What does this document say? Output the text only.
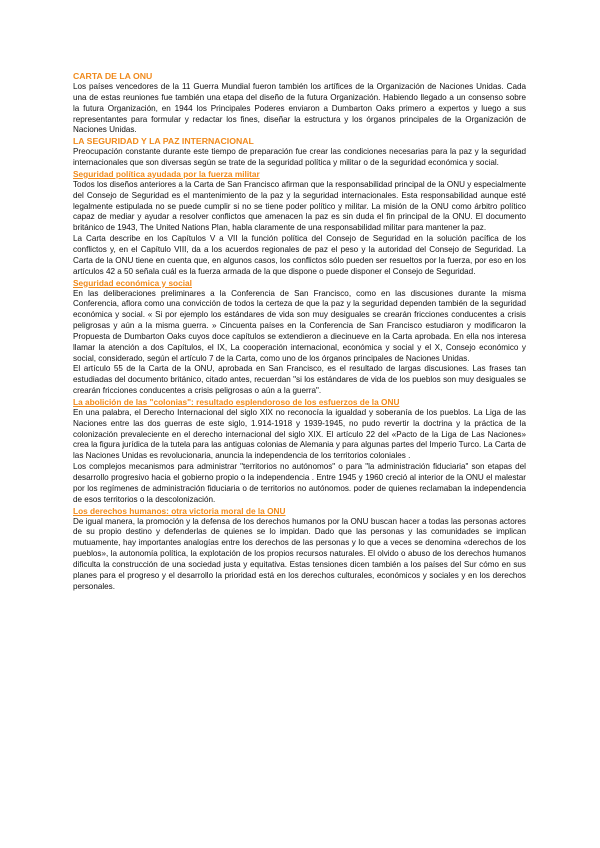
CARTA DE LA ONU

Los países vencedores de la 11 Guerra Mundial fueron también los artífices de la Organización de Naciones Unidas. Cada una de estas reuniones fue también una etapa del diseño de la futura Organización. Habiendo llegado a un consenso sobre la futura Organización, en 1944 los Principales Poderes enviaron a Dumbarton Oaks primero a expertos y luego a sus representantes para formular y redactar los fines, diseñar la estructura y los órganos principales de la Organización de Naciones Unidas.

LA SEGURIDAD Y LA PAZ INTERNACIONAL

Preocupación constante durante este tiempo de preparación fue crear las condiciones necesarias para la paz y la seguridad internacionales que son diversas según se trate de la seguridad política y militar o de la seguridad económica y social.

Seguridad política ayudada por la fuerza militar

Todos los diseños anteriores a la Carta de San Francisco afirman que la responsabilidad principal de la ONU y especialmente del Consejo de Seguridad es el mantenimiento de la paz y la seguridad internacionales. Esta responsabilidad aunque esté legalmente estipulada no se puede cumplir si no se tiene poder político y militar. La misión de la ONU como árbitro político capaz de mediar y ayudar a resolver conflictos que amenacen la paz es sin duda el fin principal de la ONU. El documento británico de 1943, The United Nations Plan, habla claramente de una responsabilidad militar para mantener la paz.

La Carta describe en los Capítulos V a VII la función política del Consejo de Seguridad en la solución pacífica de los conflictos y, en el Capítulo VIII, da a los acuerdos regionales de paz el peso y la autoridad del Consejo de Seguridad. La Carta de la ONU tiene en cuenta que, en algunos casos, los conflictos sólo pueden ser resueltos por la fuerza, por eso en los artículos 42 a 50 señala cuál es la fuerza armada de la que dispone o puede disponer el Consejo de Seguridad.

Seguridad económica y social

En las deliberaciones preliminares a la Conferencia de San Francisco, como en las discusiones durante la misma Conferencia, aflora como una convicción de todos la certeza de que la paz y la seguridad dependen también de la seguridad económica y social. « Si por ejemplo los estándares de vida son muy desiguales se crearán fricciones conducentes a crisis peligrosas y aún a la misma guerra. » Cincuenta países en la Conferencia de San Francisco estudiaron y modificaron la Propuesta de Dumbarton Oaks cuyos doce capítulos se extendieron a diecinueve en la Carta aprobada. En ella nos interesa llamar la atención a dos Capítulos, el IX, La cooperación internacional, económica y social y el X, Consejo económico y social, considerado, según el artículo 7 de la Carta, como uno de los órganos principales de Naciones Unidas.

El artículo 55 de la Carta de la ONU, aprobada en San Francisco, es el resultado de largas discusiones. Las frases tan estudiadas del documento británico, citado antes, recuerdan "si los estándares de vida de los pueblos son muy desiguales se crearán fricciones conducentes a crisis peligrosas o aún a la guerra".

La abolición de las "colonias": resultado esplendoroso de los esfuerzos de la ONU

En una palabra, el Derecho Internacional del siglo XIX no reconocía la igualdad y soberanía de los pueblos. La Liga de las Naciones entre las dos guerras de este siglo, 1.914-1918 y 1939-1945, no pudo revertir la doctrina y la práctica de la colonización prevaleciente en el derecho internacional del siglo XIX. El artículo 22 del «Pacto de la Liga de Las Naciones» crea la figura jurídica de la tutela para las antiguas colonias de Alemania y para algunas partes del Imperio Turco. La Carta de las Naciones Unidas es revolucionaria, anuncia la independencia de los territorios coloniales .

Los complejos mecanismos para administrar "territorios no autónomos" o para "la administración fiduciaria" son etapas del desarrollo progresivo hacia el gobierno propio o la independencia . Entre 1945 y 1960 creció al interior de la ONU el malestar por los regímenes de administración fiduciaria o de territorios no autónomos. poder de quienes reclamaban la independencia de esos territorios o la descolonización.

Los derechos humanos: otra victoria moral de la ONU

De igual manera, la promoción y la defensa de los derechos humanos por la ONU buscan hacer a todas las personas actores de su propio destino y defenderlas de quienes se lo impidan. Dado que las personas y las comunidades se implican mutuamente, hay importantes analogías entre los derechos de las personas y lo que a veces se denomina «derechos de los pueblos», la autonomía política, la explotación de los propios recursos naturales. El olvido o abuso de los derechos humanos dificulta la construcción de una sociedad justa y equitativa. Estas tensiones dicen también a los países del Sur cómo en sus planes para el progreso y el desarrollo la prioridad está en los derechos culturales, económicos y sociales y en los derechos personales.
